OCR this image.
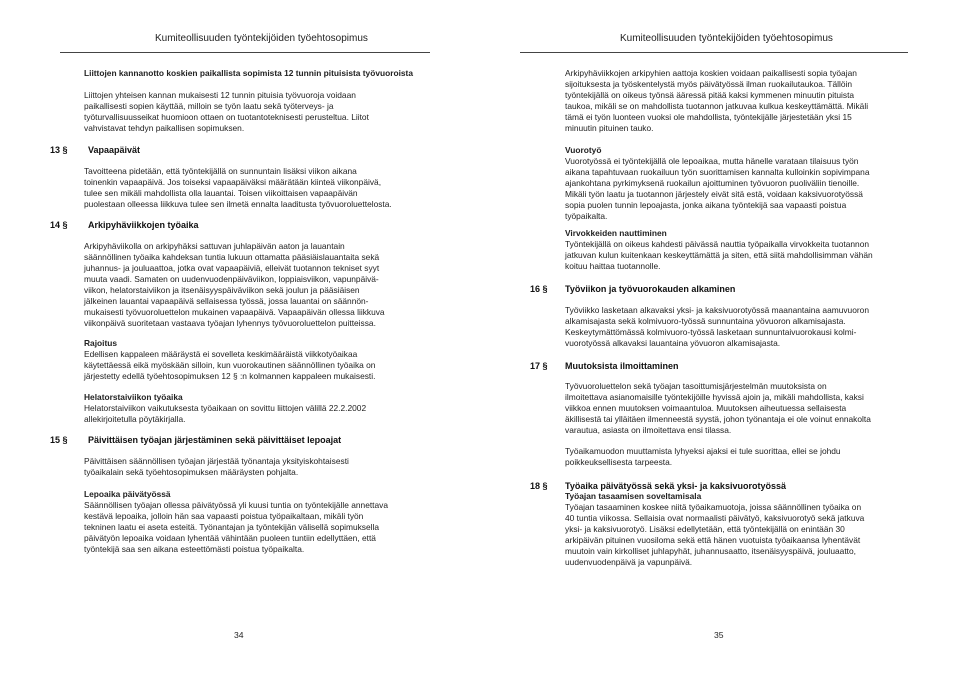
Kumiteollisuuden työntekijöiden työehtosopimus
Liittojen kannanotto koskien paikallista sopimista 12 tunnin pituisista työvuoroista
Liittojen yhteisen kannan mukaisesti 12 tunnin pituisia työvuoroja voidaan
paikallisesti sopien käyttää, milloin se työn laatu sekä työterveys- ja
työturvallisuusseikat huomioon ottaen on tuotantoteknisesti perusteltua. Liitot
vahvistavat tehdyn paikallisen sopimuksen.
13 § Vapaapäivät
Tavoitteena pidetään, että työntekijällä on sunnuntain lisäksi viikon aikana
toinenkin vapaapäivä. Jos toiseksi vapaapäiväksi määrätään kiinteä viikonpäivä,
tulee sen mikäli mahdollista olla lauantai. Toisen viikoittaisen vapaapäivän
puolestaan olleessa liikkuva tulee sen ilmetä ennalta laaditusta työvuoroluettelosta.
14 § Arkipyhäviikkojen työaika
Arkipyhäviikolla on arkipyhäksi sattuvan juhlapäivän aaton ja lauantain
säännöllinen työaika kahdeksan tuntia lukuun ottamatta pääsiäislauantaita sekä
juhannus- ja jouluaattoa, jotka ovat vapaapäiviä, elleivät tuotannon tekniset syyt
muuta vaadi. Samaten on uudenvuodenpäiväviikon, loppiaisviikon, vapunpäivä-
viikon, helatorstaiviikon ja itsenäisyyspäiväviikon sekä joulun ja pääsiäisen
jälkeinen lauantai vapaapäivä sellaisessa työssä, jossa lauantai on säännön-
mukaisesti työvuoroluettelon mukainen vapaapäivä. Vapaapäivän ollessa liikkuva
viikonpäivä suoritetaan vastaava työajan lyhennys työvuoroluettelon puitteissa.
Rajoitus
Edellisen kappaleen määräystä ei sovelleta keskimääräistä viikkotyöaikaa
käytettäessä eikä myöskään silloin, kun vuorokautinen säännöllinen työaika on
järjestetty edellä työehtosopimuksen 12 § :n kolmannen kappaleen mukaisesti.
Helatorstaiviikon työaika
Helatorstaiviikon vaikutuksesta työaikaan on sovittu liittojen välillä 22.2.2002
allekirjoitetulla pöytäkirjalla.
15 § Päivittäisen työajan järjestäminen sekä päivittäiset lepoajat
Päivittäisen säännöllisen työajan järjestää työnantaja yksityiskohtaisesti
työaikalain sekä työehtosopimuksen määräysten pohjalta.
Lepoaika päivätyössä
Säännöllisen työajan ollessa päivätyössä yli kuusi tuntia on työntekijälle annettava
kestävä lepoaika, jolloin hän saa vapaasti poistua työpaikaltaan, mikäli työn
tekninen laatu ei aseta esteitä. Työnantajan ja työntekijän välisellä sopimuksella
päivätyön lepoaika voidaan lyhentää vähintään puoleen tuntiin edellyttäen, että
työntekijä saa sen aikana esteettömästi poistua työpaikalta.
34
Kumiteollisuuden työntekijöiden työehtosopimus
Arkipyhäviikkojen arkipyhien aattoja koskien voidaan paikallisesti sopia työajan
sijoituksesta ja työskentelystä myös päivätyössä ilman ruokailutaukoa. Tällöin
työntekijällä on oikeus työnsä ääressä pitää kaksi kymmenen minuutin pituista
taukoa, mikäli se on mahdollista tuotannon jatkuvaa kulkua keskeyttämättä. Mikäli
tämä ei työn luonteen vuoksi ole mahdollista, työntekijälle järjestetään yksi 15
minuutin pituinen tauko.
Vuorotyö
Vuorotyössä ei työntekijällä ole lepoaikaa, mutta hänelle varataan tilaisuus työn
aikana tapahtuvaan ruokailuun työn suorittamisen kannalta kulloinkin sopivimpana
ajankohtana pyrkimyksenä ruokailun ajoittuminen työvuoron puoliväliin tienoille.
Mikäli työn laatu ja tuotannon järjestely eivät sitä estä, voidaan kaksivuorotyössä
sopia puolen tunnin lepoajasta, jonka aikana työntekijä saa vapaasti poistua
työpaikalta.
Virvokkeiden nauttiminen
Työntekijällä on oikeus kahdesti päivässä nauttia työpaikalla virvokkeita tuotannon
jatkuvan kulun kuitenkaan keskeyttämättä ja siten, että siitä mahdollisimman vähän
koituu haittaa tuotannolle.
16 § Työviikon ja työvuorokauden alkaminen
Työviikko lasketaan alkavaksi yksi- ja kaksivuorotyössä maanantaina aamuvuoron
alkamisajasta sekä kolmivuoro-työssä sunnuntaina yövuoron alkamisajasta.
Keskeytymättömässä kolmivuoro-työssä lasketaan sunnuntaivuorokausi kolmi-
vuorotyössä alkavaksi lauantaina yövuoron alkamisajasta.
17 § Muutoksista ilmoittaminen
Työvuoroluettelon sekä työajan tasoittumisjärjestelmän muutoksista on
ilmoitettava asianomaisille työntekijöille hyvissä ajoin ja, mikäli mahdollista, kaksi
viikkoa ennen muutoksen voimaantuloa. Muutoksen aiheutuessa sellaisesta
äkillisestä tai ylläitäen ilmenneestä syystä, johon työnantaja ei ole voinut ennakolta
varautua, asiasta on ilmoitettava ensi tilassa.
Työaikamuodon muuttamista lyhyeksi ajaksi ei tule suorittaa, ellei se johdu
poikkeuksellisesta tarpeesta.
18 § Työaika päivätyössä sekä yksi- ja kaksivuorotyössä
Työajan tasaamisen soveltamisala
Työajan tasaaminen koskee niitä työaikamuotoja, joissa säännöllinen työaika on
40 tuntia viikossa. Sellaisia ovat normaalisti päivätyö, kaksivuorotyö sekä jatkuva
yksi- ja kaksivuorotyö. Lisäksi edellytetään, että työntekijällä on enintään 30
arkipäivän pituinen vuosiloma sekä että hänen vuotuista työaikaansa lyhentävät
muutoin vain kirkolliset juhlapyhät, juhannusaatto, itsenäisyyspäivä, jouluaatto,
uudenvuodenpäivä ja vapunpäivä.
35
